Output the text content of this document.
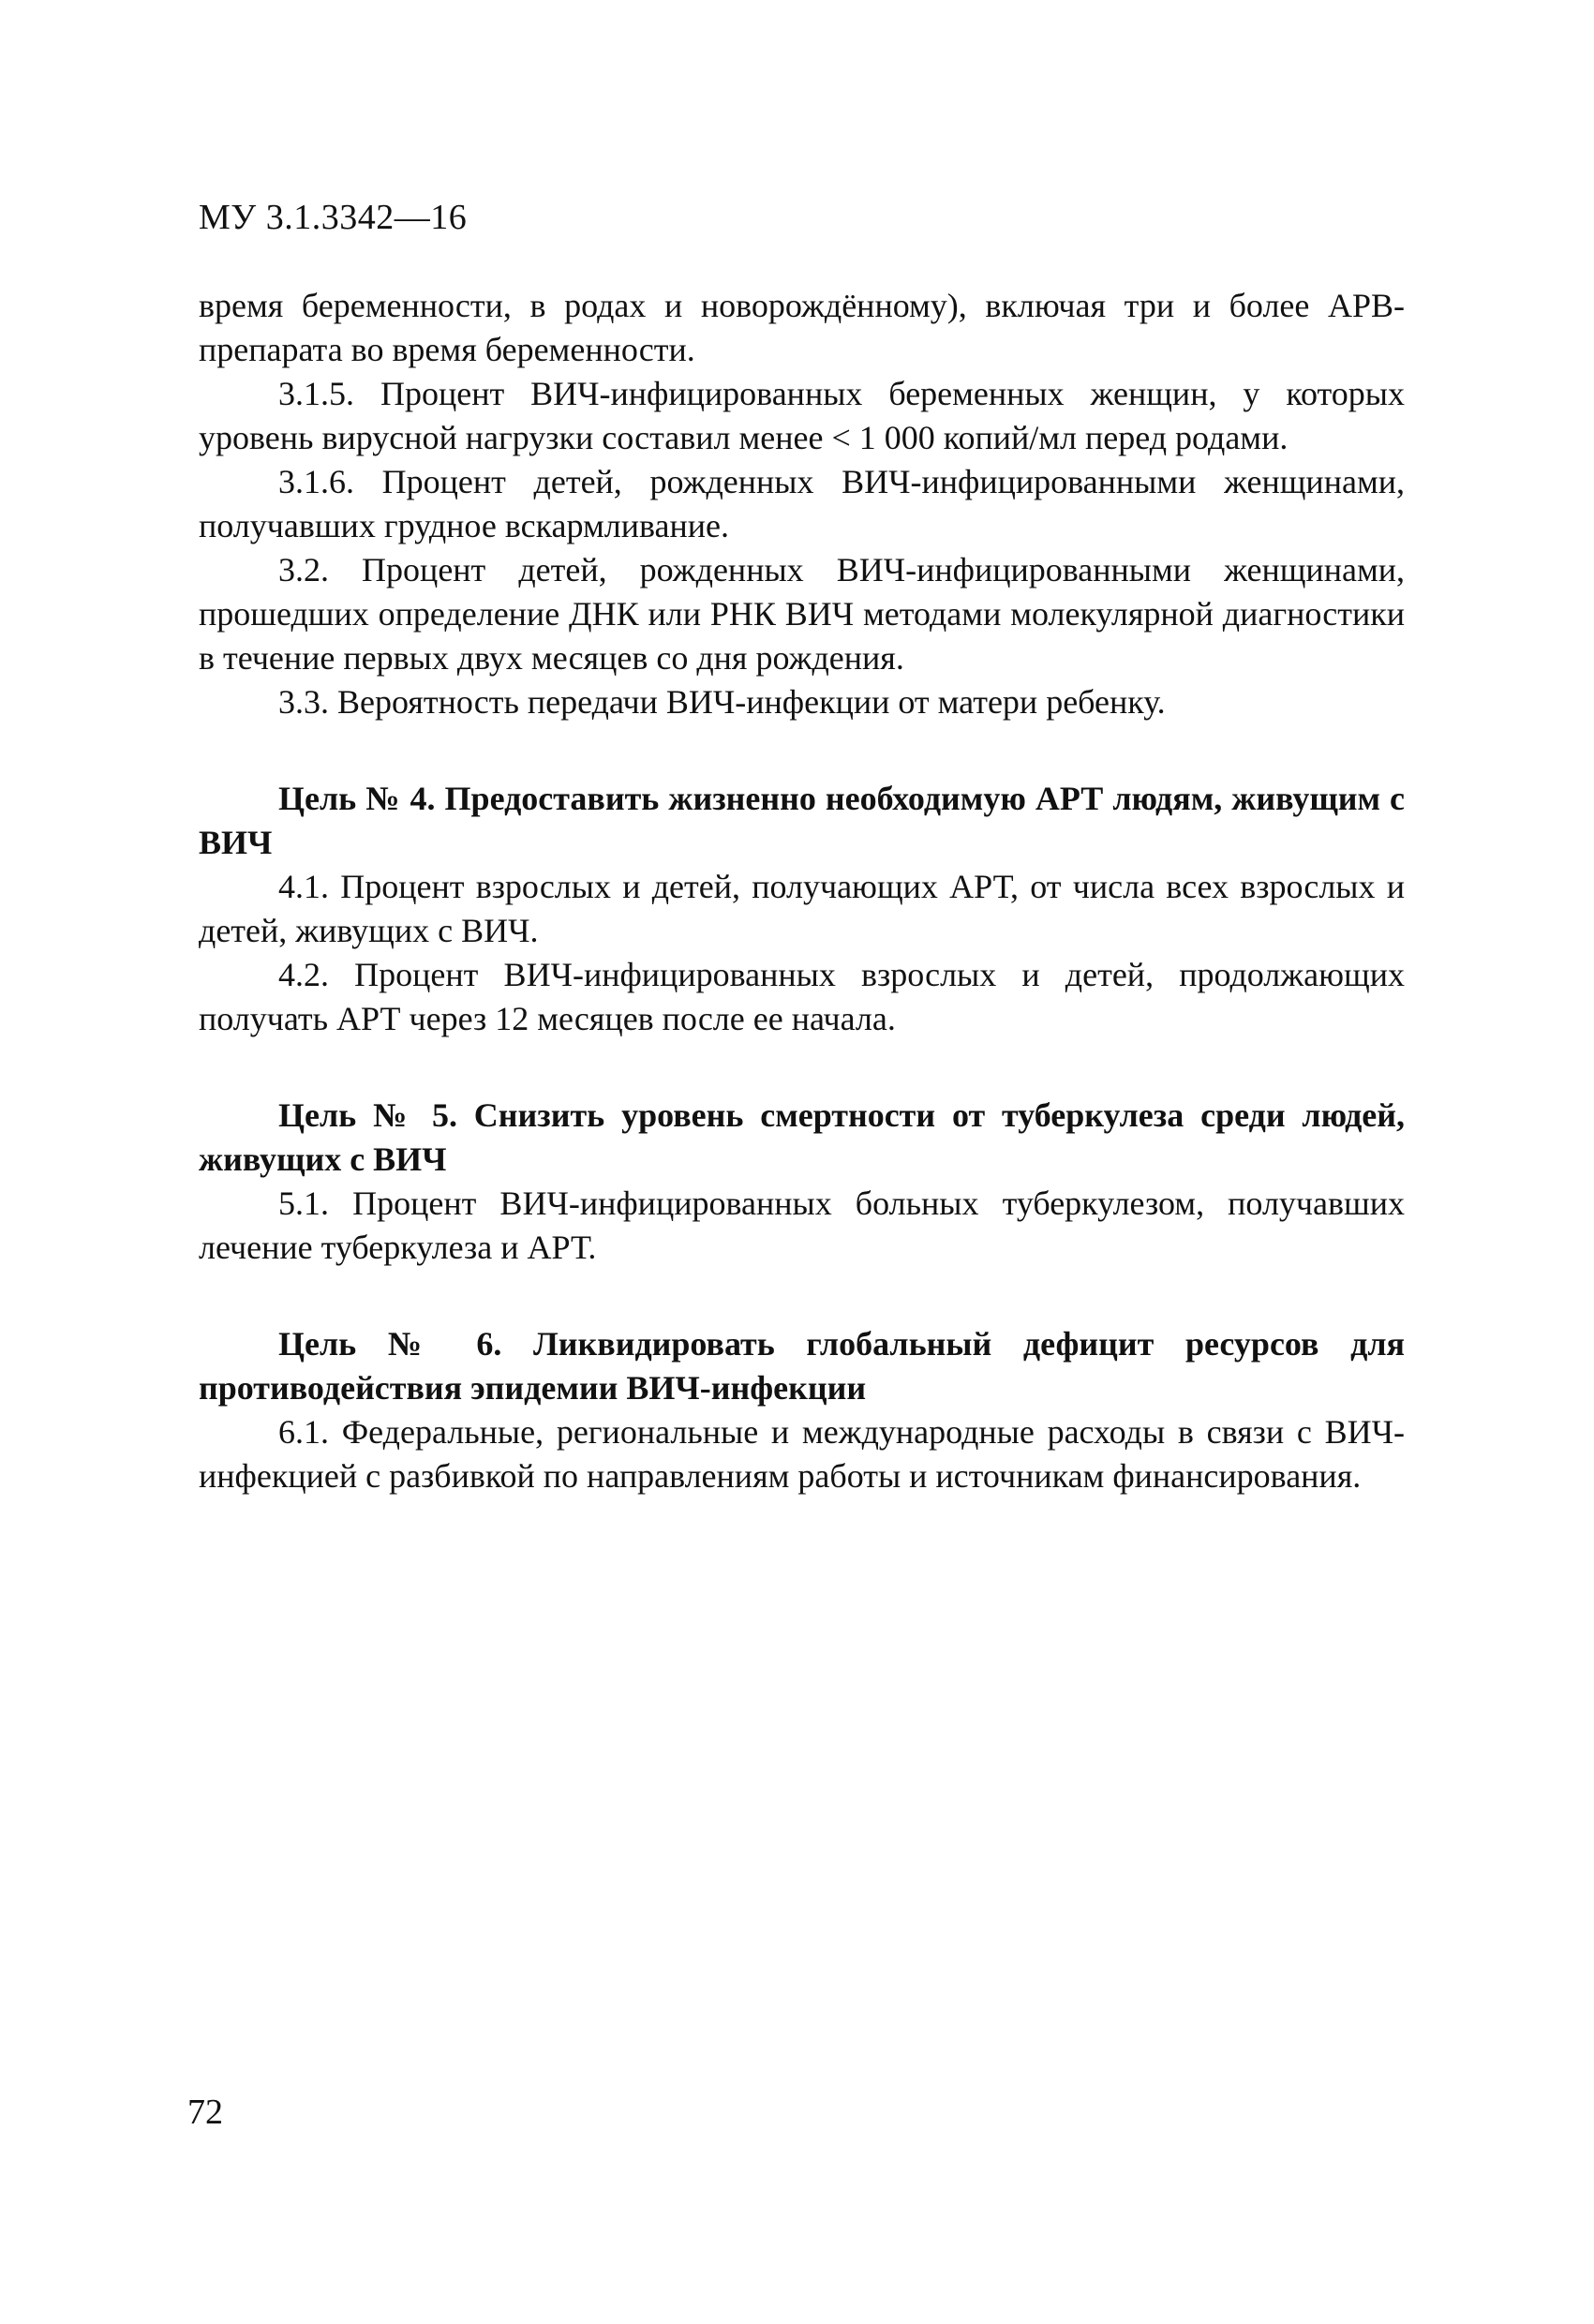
МУ 3.1.3342—16

время беременности, в родах и новорождённому), включая три и более АРВ-препарата во время беременности.

3.1.5. Процент ВИЧ-инфицированных беременных женщин, у которых уровень вирусной нагрузки составил менее < 1 000 копий/мл перед родами.

3.1.6. Процент детей, рожденных ВИЧ-инфицированными женщинами, получавших грудное вскармливание.

3.2. Процент детей, рожденных ВИЧ-инфицированными женщинами, прошедших определение ДНК или РНК ВИЧ методами молекулярной диагностики в течение первых двух месяцев со дня рождения.

3.3. Вероятность передачи ВИЧ-инфекции от матери ребенку.

Цель № 4. Предоставить жизненно необходимую АРТ людям, живущим с ВИЧ

4.1. Процент взрослых и детей, получающих АРТ, от числа всех взрослых и детей, живущих с ВИЧ.

4.2. Процент ВИЧ-инфицированных взрослых и детей, продолжающих получать АРТ через 12 месяцев после ее начала.

Цель № 5. Снизить уровень смертности от туберкулеза среди людей, живущих с ВИЧ

5.1. Процент ВИЧ-инфицированных больных туберкулезом, получавших лечение туберкулеза и АРТ.

Цель № 6. Ликвидировать глобальный дефицит ресурсов для противодействия эпидемии ВИЧ-инфекции

6.1. Федеральные, региональные и международные расходы в связи с ВИЧ-инфекцией с разбивкой по направлениям работы и источникам финансирования.

72
